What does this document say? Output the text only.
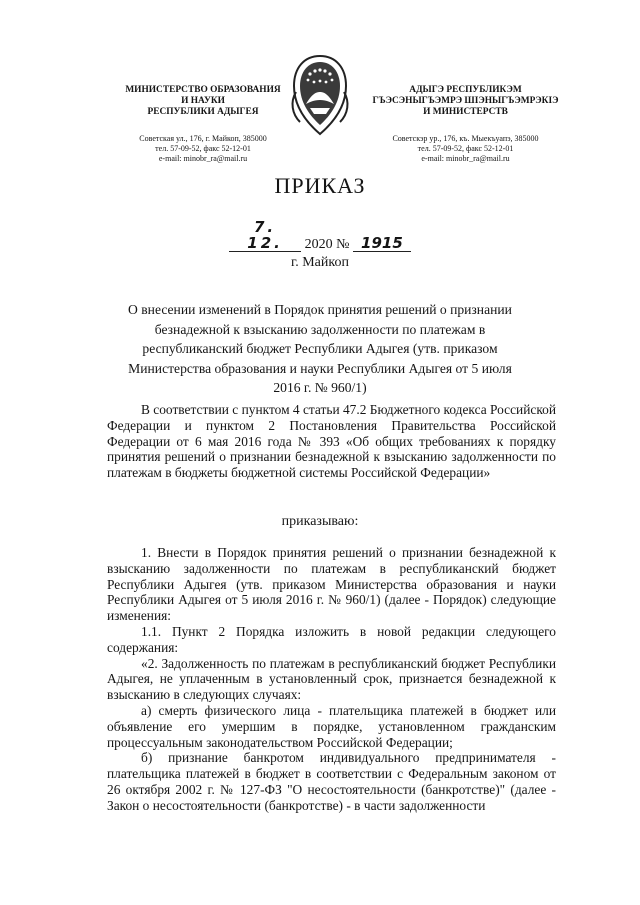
МИНИСТЕРСТВО ОБРАЗОВАНИЯ
И НАУКИ
РЕСПУБЛИКИ АДЫГЕЯ
Советская ул., 176, г. Майкоп, 385000
тел. 57-09-52, факс 52-12-01
e-mail: minobr_ra@mail.ru
АДЫГЭ РЕСПУБЛИКЭМ
ГЪЭСЭНЫГЪЭМРЭ ШІЭНЫГЪЭМРЭКІЭ
И МИНИСТЕРСТВ
Советскэр ур., 176, къ. Мыекъуапэ, 385000
тел. 57-09-52, факс 52-12-01
e-mail: minobr_ra@mail.ru
ПРИКАЗ
7. 12. 2020 № 1915
г. Майкоп
О внесении изменений в Порядок принятия решений о признании безнадежной к взысканию задолженности по платежам в республиканский бюджет Республики Адыгея (утв. приказом Министерства образования и науки Республики Адыгея от 5 июля 2016 г. № 960/1)

В соответствии с пунктом 4 статьи 47.2 Бюджетного кодекса Российской Федерации и пунктом 2 Постановления Правительства Российской Федерации от 6 мая 2016 года № 393 «Об общих требованиях к порядку принятия решений о признании безнадежной к взысканию задолженности по платежам в бюджеты бюджетной системы Российской Федерации»

приказываю:

1. Внести в Порядок принятия решений о признании безнадежной к взысканию задолженности по платежам в республиканский бюджет Республики Адыгея (утв. приказом Министерства образования и науки Республики Адыгея от 5 июля 2016 г. № 960/1) (далее - Порядок) следующие изменения:

1.1. Пункт 2 Порядка изложить в новой редакции следующего содержания:

«2. Задолженность по платежам в республиканский бюджет Республики Адыгея, не уплаченным в установленный срок, признается безнадежной к взысканию в следующих случаях:

а) смерть физического лица - плательщика платежей в бюджет или объявление его умершим в порядке, установленном гражданским процессуальным законодательством Российской Федерации;

б) признание банкротом индивидуального предпринимателя - плательщика платежей в бюджет в соответствии с Федеральным законом от 26 октября 2002 г. № 127-ФЗ "О несостоятельности (банкротстве)" (далее - Закон о несостоятельности (банкротстве) - в части задолженности
